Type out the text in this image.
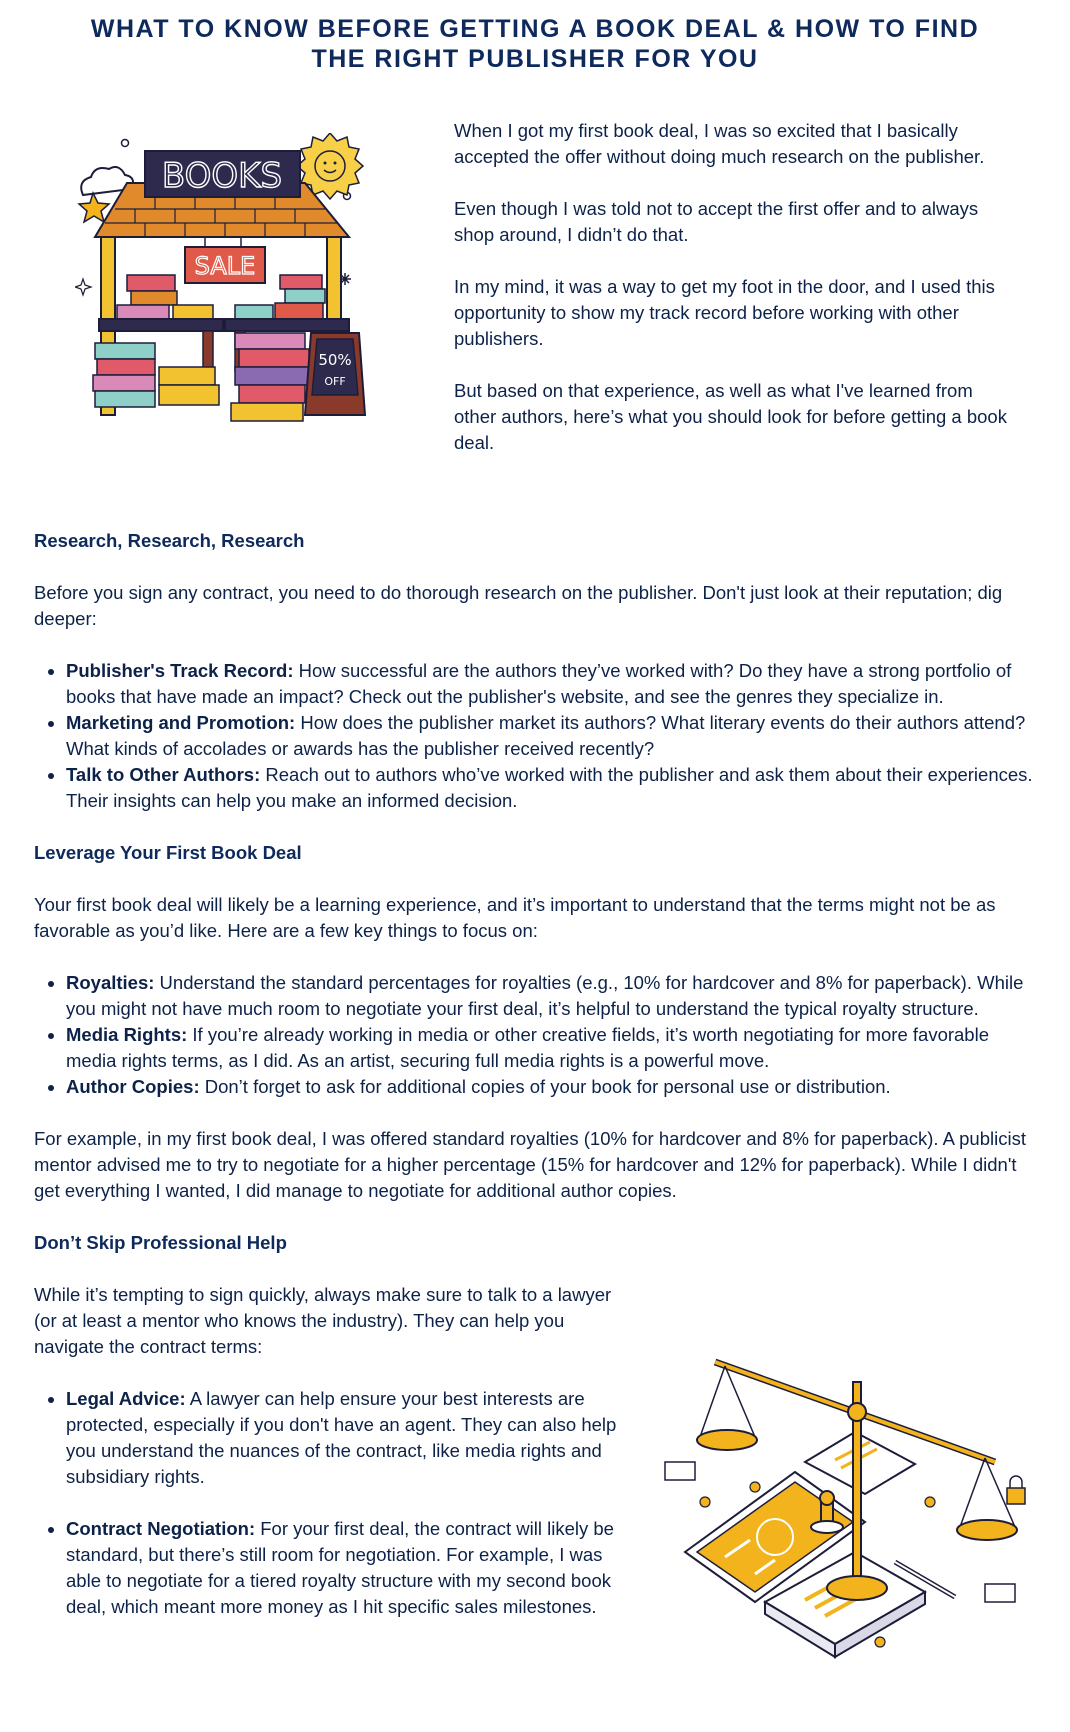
WHAT TO KNOW BEFORE GETTING A BOOK DEAL & HOW TO FIND THE RIGHT PUBLISHER FOR YOU
BOOKS
SALE
50%
OFF

When I got my first book deal, I was so excited that I basically accepted the offer without doing much research on the publisher.

Even though I was told not to accept the first offer and to always shop around, I didn’t do that.

In my mind, it was a way to get my foot in the door, and I used this opportunity to show my track record before working with other publishers.

But based on that experience, as well as what I've learned from other authors, here’s what you should look for before getting a book deal.

Research, Research, Research

Before you sign any contract, you need to do thorough research on the publisher. Don't just look at their reputation; dig deeper:

• Publisher's Track Record: How successful are the authors they’ve worked with? Do they have a strong portfolio of books that have made an impact? Check out the publisher's website, and see the genres they specialize in.
• Marketing and Promotion: How does the publisher market its authors? What literary events do their authors attend? What kinds of accolades or awards has the publisher received recently?
• Talk to Other Authors: Reach out to authors who’ve worked with the publisher and ask them about their experiences. Their insights can help you make an informed decision.
Leverage Your First Book Deal

Your first book deal will likely be a learning experience, and it’s important to understand that the terms might not be as favorable as you’d like. Here are a few key things to focus on:

• Royalties: Understand the standard percentages for royalties (e.g., 10% for hardcover and 8% for paperback). While you might not have much room to negotiate your first deal, it’s helpful to understand the typical royalty structure.
• Media Rights: If you’re already working in media or other creative fields, it’s worth negotiating for more favorable media rights terms, as I did. As an artist, securing full media rights is a powerful move.
• Author Copies: Don’t forget to ask for additional copies of your book for personal use or distribution.

For example, in my first book deal, I was offered standard royalties (10% for hardcover and 8% for paperback). A publicist mentor advised me to try to negotiate for a higher percentage (15% for hardcover and 12% for paperback). While I didn't get everything I wanted, I did manage to negotiate for additional author copies.

Don’t Skip Professional Help

While it’s tempting to sign quickly, always make sure to talk to a lawyer (or at least a mentor who knows the industry). They can help you navigate the contract terms:

• Legal Advice: A lawyer can help ensure your best interests are protected, especially if you don't have an agent. They can also help you understand the nuances of the contract, like media rights and subsidiary rights.
• Contract Negotiation: For your first deal, the contract will likely be standard, but there’s still room for negotiation. For example, I was able to negotiate for a tiered royalty structure with my second book deal, which meant more money as I hit specific sales milestones.
